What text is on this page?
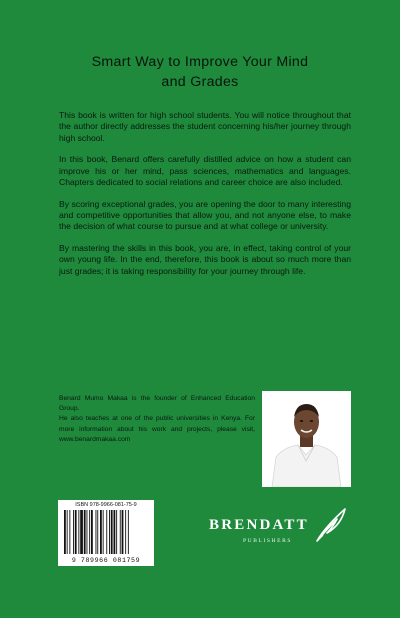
Smart Way to Improve Your Mind
and Grades

This book is written for high school students. You will notice throughout that the author directly addresses the student concerning his/her journey through high school.

In this book, Benard offers carefully distilled advice on how a student can improve his or her mind, pass sciences, mathematics and languages. Chapters dedicated to social relations and career choice are also included.

By scoring exceptional grades, you are opening the door to many interesting and competitive opportunities that allow you, and not anyone else, to make the decision of what course to pursue and at what college or university.

By mastering the skills in this book, you are, in effect, taking control of your own young life. In the end, therefore, this book is about so much more than just grades; it is taking responsibility for your journey through life.

Benard Mumo Makaa is the founder of Enhanced Education Group.

He also teaches at one of the public universities in Kenya. For more information about his work and projects, please visit, www.benardmakaa.com

ISBN 978-9966-081-75-9
9 789966 081759
BRENDATT
PUBLISHERS
